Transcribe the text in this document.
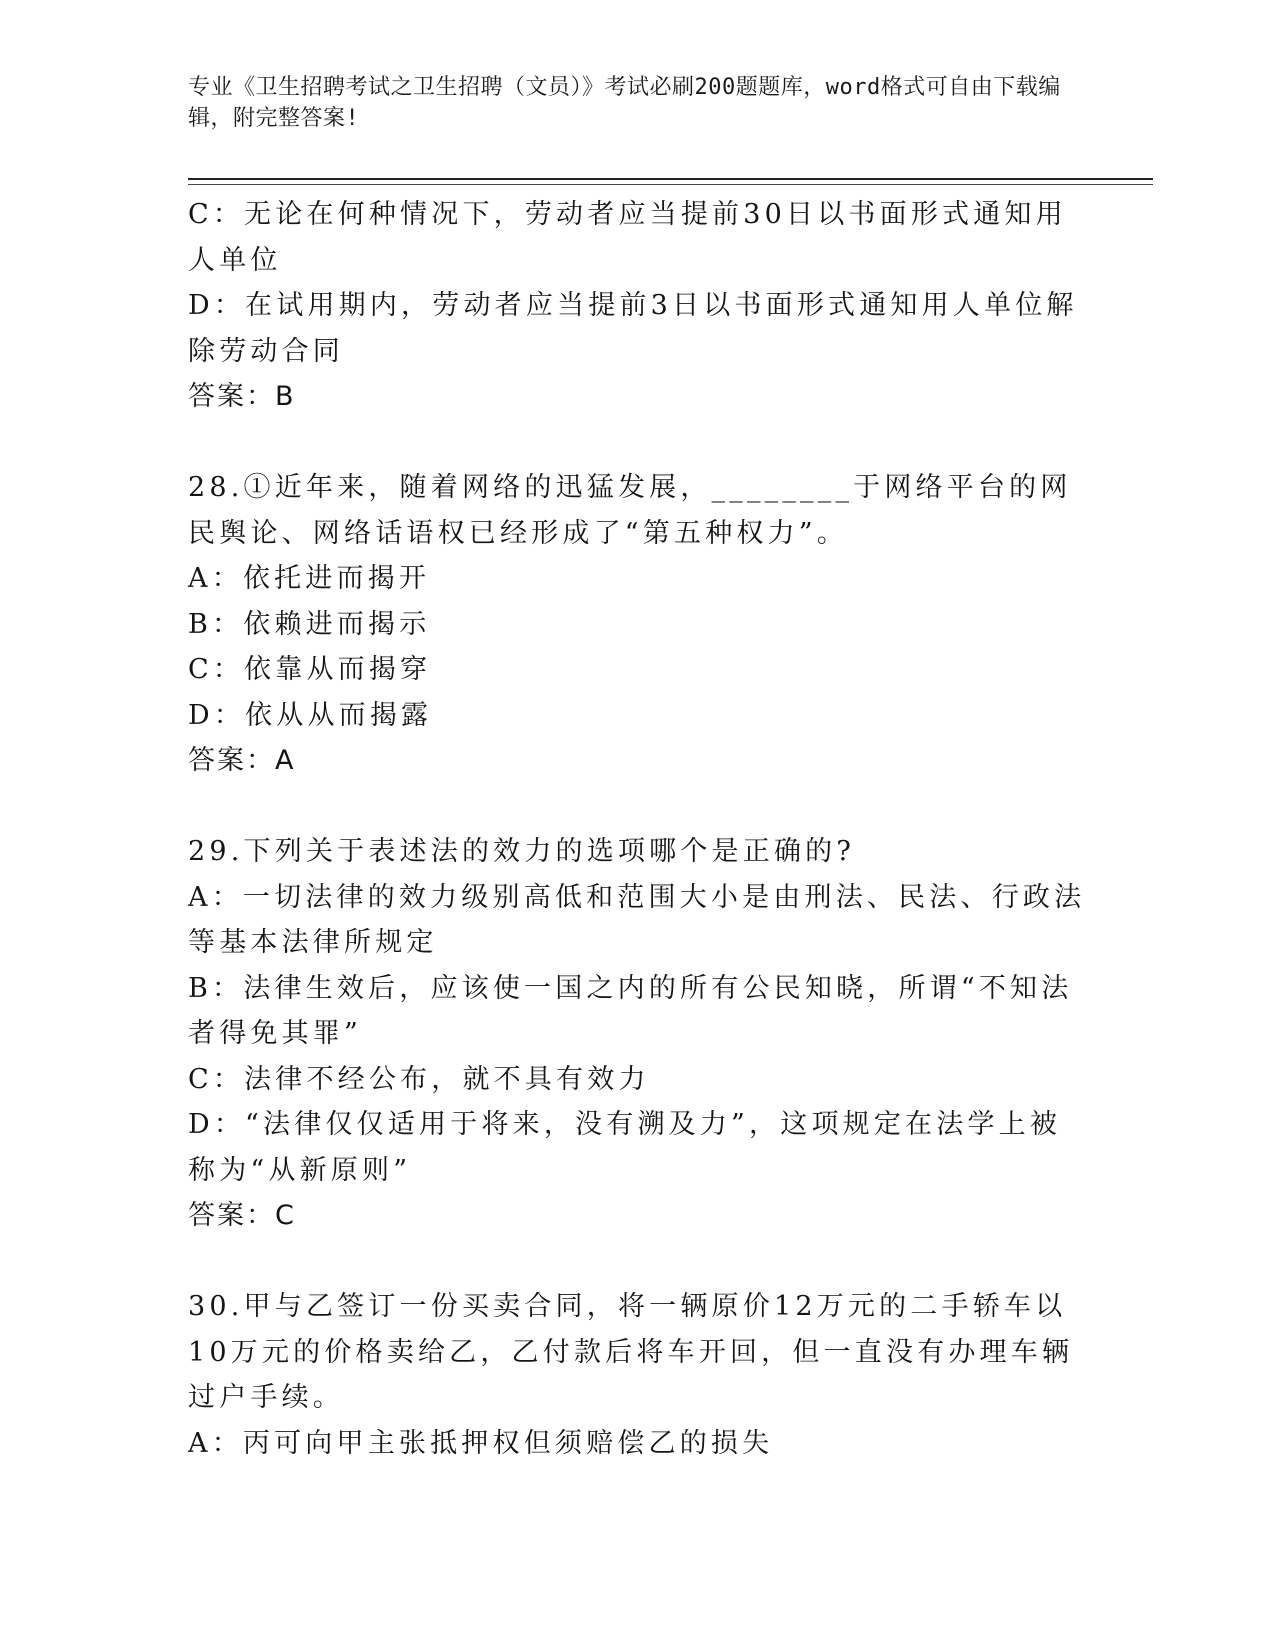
专业《卫生招聘考试之卫生招聘（文员）》考试必刷200题题库，word格式可自由下载编辑，附完整答案!

C：无论在何种情况下，劳动者应当提前30日以书面形式通知用人单位

D：在试用期内，劳动者应当提前3日以书面形式通知用人单位解除劳动合同

答案：B

28.①近年来，随着网络的迅猛发展，________于网络平台的网民舆论、网络话语权已经形成了“第五种权力”。

A：依托进而揭开

B：依赖进而揭示

C：依靠从而揭穿

D：依从从而揭露

答案：A

29.下列关于表述法的效力的选项哪个是正确的?

A：一切法律的效力级别高低和范围大小是由刑法、民法、行政法等基本法律所规定

B：法律生效后，应该使一国之内的所有公民知晓，所谓“不知法者得免其罪”

C：法律不经公布，就不具有效力

D：“法律仅仅适用于将来，没有溯及力”，这项规定在法学上被称为“从新原则”

答案：C

30.甲与乙签订一份买卖合同，将一辆原价12万元的二手轿车以10万元的价格卖给乙，乙付款后将车开回，但一直没有办理车辆过户手续。

A：丙可向甲主张抵押权但须赔偿乙的损失
